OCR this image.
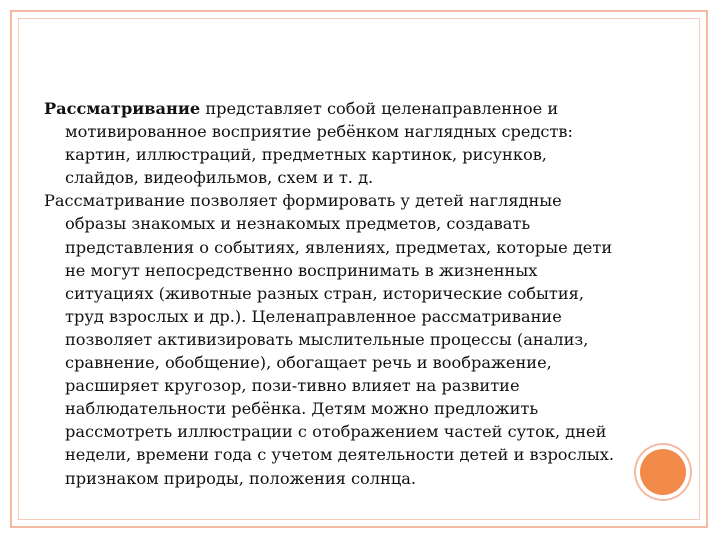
Рассматривание представляет собой целенаправленное и мотивированное восприятие ребёнком наглядных средств: картин, иллюстраций, предметных картинок, рисунков, слайдов, видеофильмов, схем и т. д.

Рассматривание позволяет формировать у детей наглядные образы знакомых и незнакомых предметов, создавать представления о событиях, явлениях, предметах, которые дети не могут непосредственно воспринимать в жизненных ситуациях (животные разных стран, исторические события, труд взрослых и др.). Целенаправленное рассматривание позволяет активизировать мыслительные процессы (анализ, сравнение, обобщение), обогащает речь и воображение, расширяет кругозор, пози-тивно влияет на развитие наблюдательности ребёнка. Детям можно предложить рассмотреть иллюстрации с отображением частей суток, дней недели, времени года с учетом деятельности детей и взрослых. признаком природы, положения солнца.
